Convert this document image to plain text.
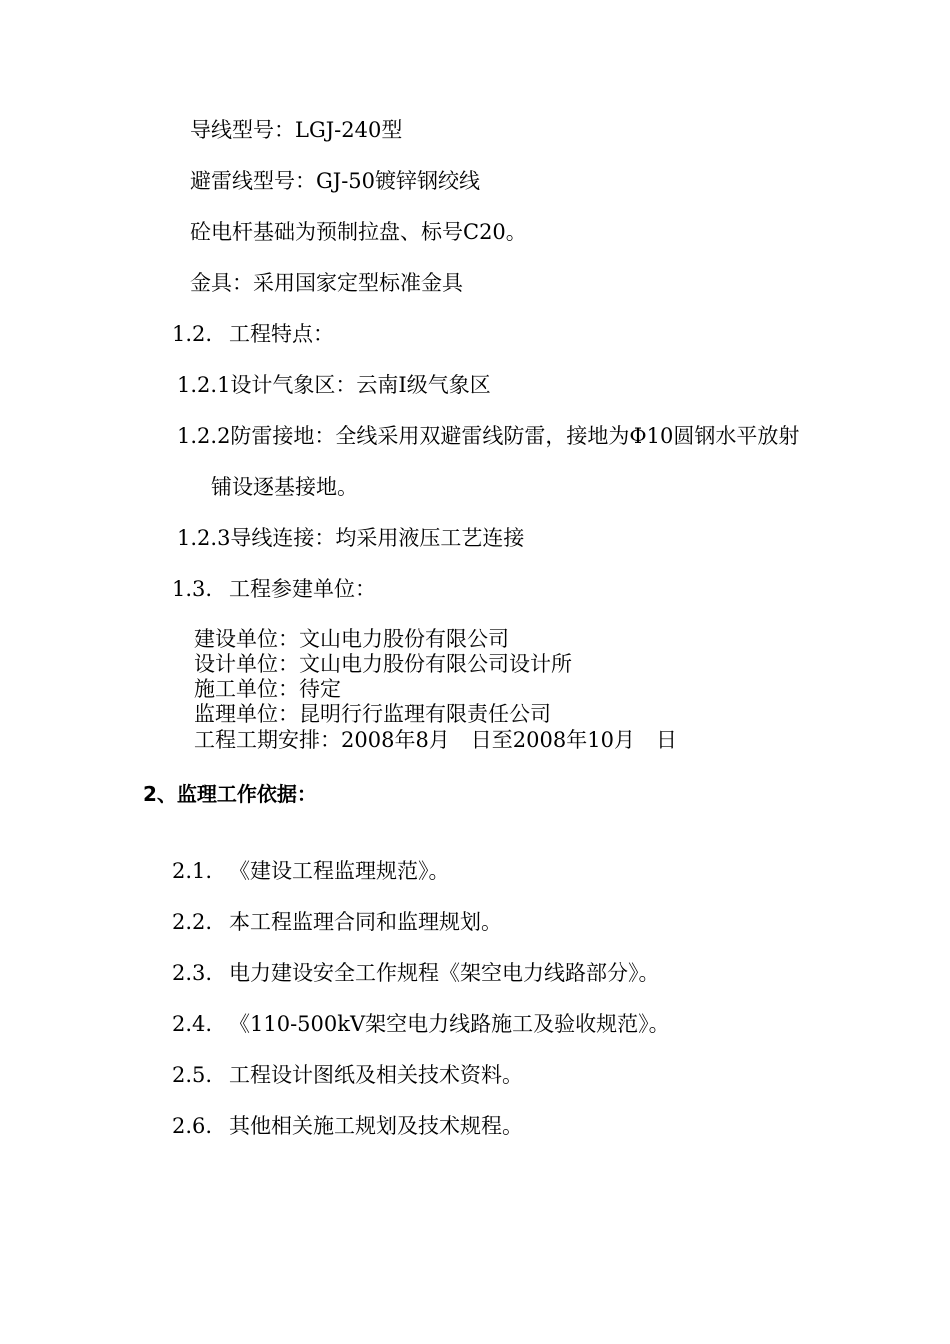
导线型号：LGJ-240型
避雷线型号：GJ-50镀锌钢绞线
砼电杆基础为预制拉盘、标号C20。
金具：采用国家定型标准金具
1.2. 工程特点：
1.2.1设计气象区：云南Ⅰ级气象区
1.2.2防雷接地：全线采用双避雷线防雷，接地为Φ10圆钢水平放射
铺设逐基接地。
1.2.3导线连接：均采用液压工艺连接
1.3. 工程参建单位：
建设单位：文山电力股份有限公司
设计单位：文山电力股份有限公司设计所
施工单位：待定
监理单位：昆明行行监理有限责任公司
工程工期安排：2008年8月　日至2008年10月　日
2、监理工作依据：
2.1. 《建设工程监理规范》。
2.2. 本工程监理合同和监理规划。
2.3. 电力建设安全工作规程《架空电力线路部分》。
2.4. 《110-500kV架空电力线路施工及验收规范》。
2.5. 工程设计图纸及相关技术资料。
2.6. 其他相关施工规划及技术规程。
